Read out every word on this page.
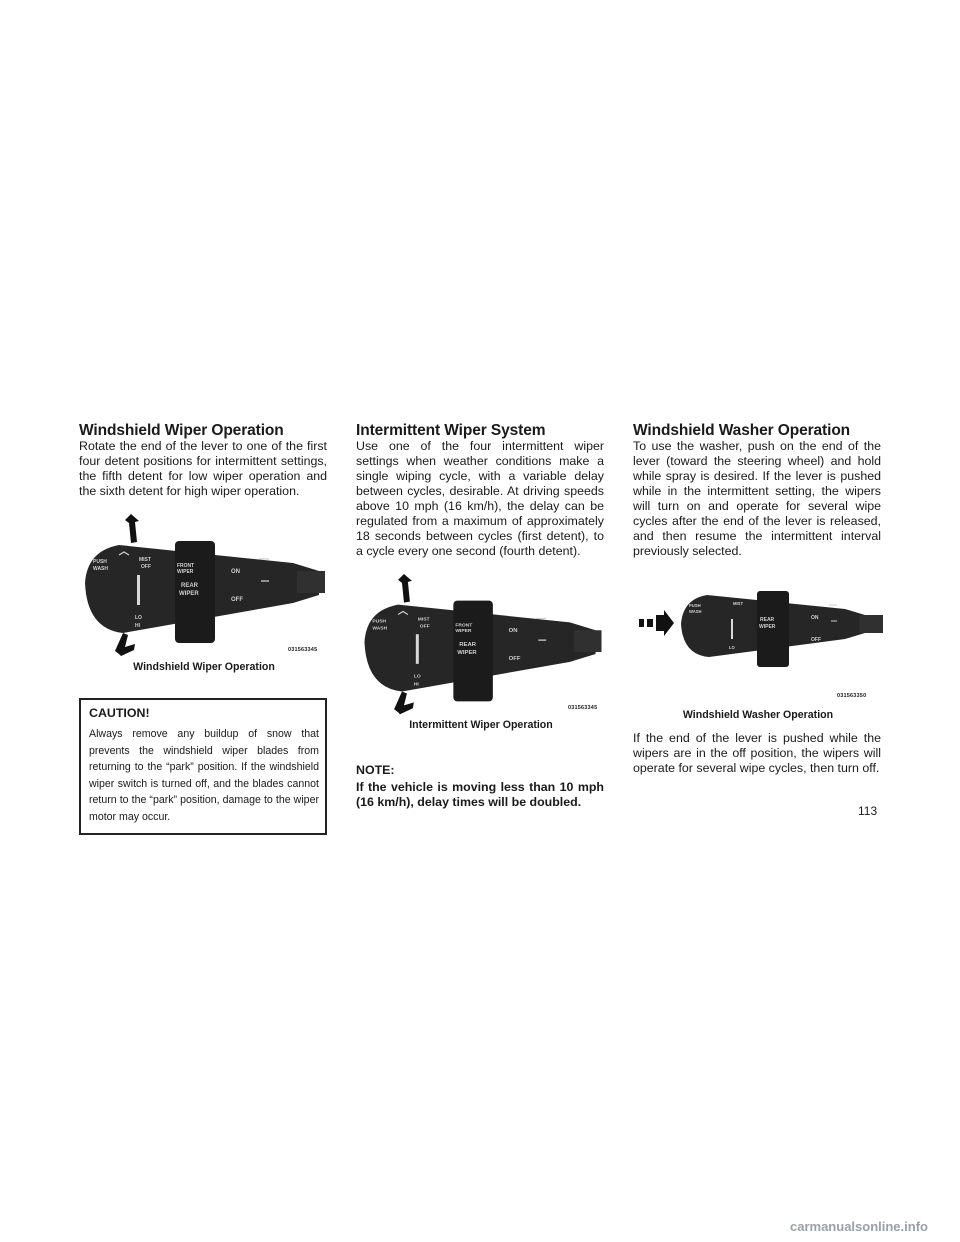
Windshield Wiper Operation

Rotate the end of the lever to one of the first four detent positions for intermittent settings, the fifth detent for low wiper operation and the sixth detent for high wiper operation.

PUSH
WASH
MIST
OFF	FRONT
WIPER
REAR
WIPER
ON
OFF
LO
HI
031563345
Windshield Wiper Operation
CAUTION!

Always remove any buildup of snow that prevents the windshield wiper blades from returning to the “park” position. If the windshield wiper switch is turned off, and the blades cannot return to the “park” position, damage to the wiper motor may occur.

Intermittent Wiper System

Use one of the four intermittent wiper settings when weather conditions make a single wiping cycle, with a variable delay between cycles, desirable. At driving speeds above 10 mph (16 km/h), the delay can be regulated from a maximum of approximately 18 seconds between cycles (first detent), to a cycle every one second (fourth detent).

PUSH
WASH
MIST
OFF	FRONT
WIPER
REAR
WIPER
ON
OFF
LO
HI
031563345
Intermittent Wiper Operation
NOTE:
If the vehicle is moving less than 10 mph (16 km/h), delay times will be doubled.
Windshield Washer Operation

To use the washer, push on the end of the lever (toward the steering wheel) and hold while spray is desired. If the lever is pushed while in the intermittent setting, the wipers will turn on and operate for several wipe cycles after the end of the lever is released, and then resume the intermittent interval previously selected.

PUSH
WASH
MIST
REAR
WIPER
ON
OFF
LO
031563350
Windshield Washer Operation

If the end of the lever is pushed while the wipers are in the off position, the wipers will operate for several wipe cycles, then turn off.

113
carmanualsonline.info
